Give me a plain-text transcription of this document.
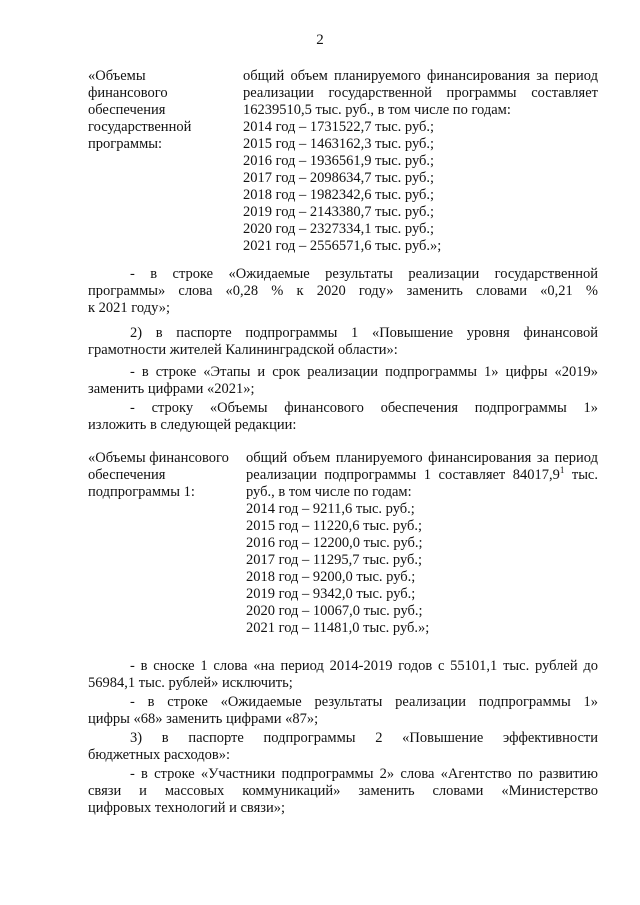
2
«Объемы
финансового
обеспечения
государственной
программы:
общий объем планируемого финансирования за период реализации государственной программы составляет 16239510,5 тыс. руб., в том числе по годам:
2014 год – 1731522,7 тыс. руб.;
2015 год – 1463162,3 тыс. руб.;
2016 год – 1936561,9 тыс. руб.;
2017 год – 2098634,7 тыс. руб.;
2018 год – 1982342,6 тыс. руб.;
2019 год – 2143380,7 тыс. руб.;
2020 год – 2327334,1 тыс. руб.;
2021 год – 2556571,6 тыс. руб.»;
- в строке «Ожидаемые результаты реализации государственной
программы» слова «0,28 % к 2020 году» заменить словами «0,21 %
к 2021 году»;
2) в паспорте подпрограммы 1 «Повышение уровня финансовой
грамотности жителей Калининградской области»:
- в строке «Этапы и срок реализации подпрограммы 1» цифры «2019»
заменить цифрами «2021»;
- строку «Объемы финансового обеспечения подпрограммы 1»
изложить в следующей редакции:
«Объемы финансового
обеспечения
подпрограммы 1:
общий объем планируемого финансирования за период реализации подпрограммы 1 составляет 84017,9$^1$ тыс. руб., в том числе по годам:
2014 год – 9211,6 тыс. руб.;
2015 год – 11220,6 тыс. руб.;
2016 год – 12200,0 тыс. руб.;
2017 год – 11295,7 тыс. руб.;
2018 год – 9200,0 тыс. руб.;
2019 год – 9342,0 тыс. руб.;
2020 год – 10067,0 тыс. руб.;
2021 год – 11481,0 тыс. руб.»;
- в сноске 1 слова «на период 2014-2019 годов с 55101,1 тыс. рублей до
56984,1 тыс. рублей» исключить;
- в строке «Ожидаемые результаты реализации подпрограммы 1»
цифры «68» заменить цифрами «87»;
3) в паспорте подпрограммы 2 «Повышение эффективности
бюджетных расходов»:
- в строке «Участники подпрограммы 2» слова «Агентство по развитию
связи и массовых коммуникаций» заменить словами «Министерство
цифровых технологий и связи»;
